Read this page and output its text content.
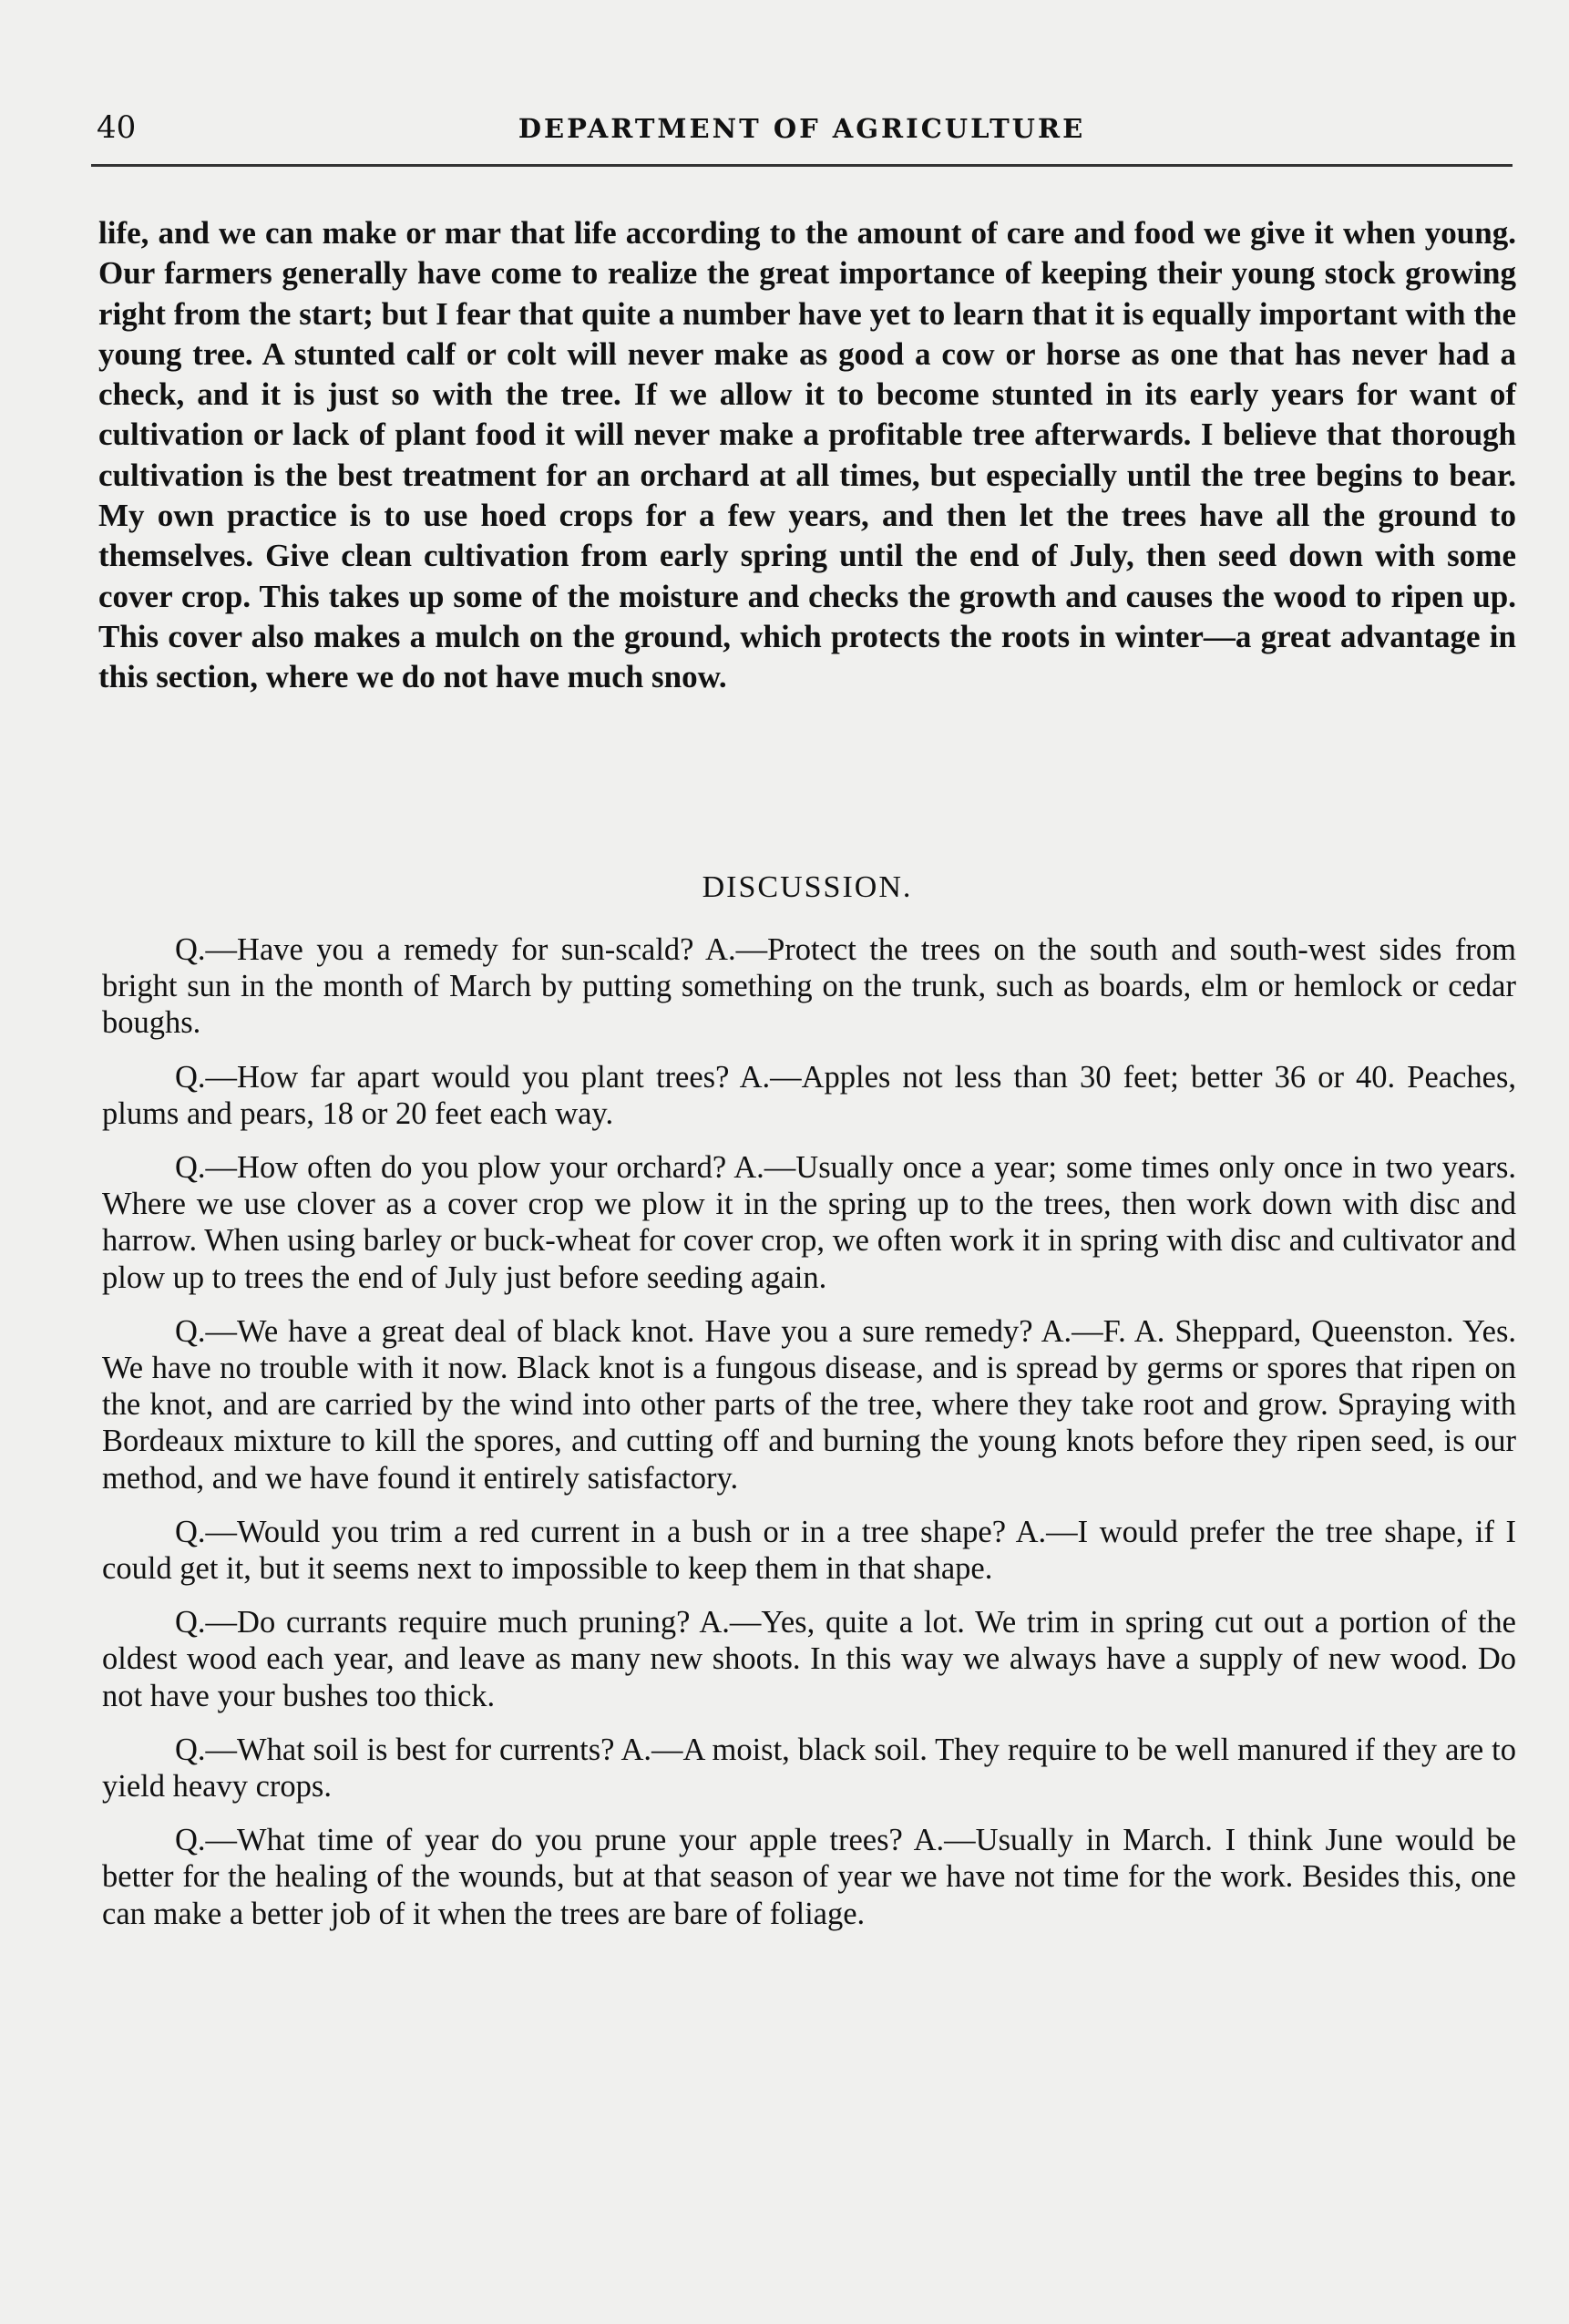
40	DEPARTMENT OF AGRICULTURE

life, and we can make or mar that life according to the amount of care and food we give it when young. Our farmers generally have come to realize the great importance of keeping their young stock growing right from the start; but I fear that quite a number have yet to learn that it is equally important with the young tree. A stunted calf or colt will never make as good a cow or horse as one that has never had a check, and it is just so with the tree. If we allow it to become stunted in its early years for want of cultivation or lack of plant food it will never make a profitable tree afterwards. I believe that thorough cultivation is the best treatment for an orchard at all times, but especially until the tree begins to bear. My own practice is to use hoed crops for a few years, and then let the trees have all the ground to themselves. Give clean cultivation from early spring until the end of July, then seed down with some cover crop. This takes up some of the moisture and checks the growth and causes the wood to ripen up. This cover also makes a mulch on the ground, which protects the roots in winter—a great advantage in this section, where we do not have much snow.

DISCUSSION.

Q.—Have you a remedy for sun-scald? A.—Protect the trees on the south and south-west sides from bright sun in the month of March by putting something on the trunk, such as boards, elm or hemlock or cedar boughs.

Q.—How far apart would you plant trees? A.—Apples not less than 30 feet; better 36 or 40. Peaches, plums and pears, 18 or 20 feet each way.

Q.—How often do you plow your orchard? A.—Usually once a year; some times only once in two years. Where we use clover as a cover crop we plow it in the spring up to the trees, then work down with disc and harrow. When using barley or buck-wheat for cover crop, we often work it in spring with disc and cultivator and plow up to trees the end of July just before seeding again.

Q.—We have a great deal of black knot. Have you a sure remedy? A.—F. A. Sheppard, Queenston. Yes. We have no trouble with it now. Black knot is a fungous disease, and is spread by germs or spores that ripen on the knot, and are carried by the wind into other parts of the tree, where they take root and grow. Spraying with Bordeaux mixture to kill the spores, and cutting off and burning the young knots before they ripen seed, is our method, and we have found it entirely satisfactory.

Q.—Would you trim a red current in a bush or in a tree shape? A.—I would prefer the tree shape, if I could get it, but it seems next to impossible to keep them in that shape.

Q.—Do currants require much pruning? A.—Yes, quite a lot. We trim in spring cut out a portion of the oldest wood each year, and leave as many new shoots. In this way we always have a supply of new wood. Do not have your bushes too thick.

Q.—What soil is best for currents? A.—A moist, black soil. They require to be well manured if they are to yield heavy crops.

Q.—What time of year do you prune your apple trees? A.—Usually in March. I think June would be better for the healing of the wounds, but at that season of year we have not time for the work. Besides this, one can make a better job of it when the trees are bare of foliage.
